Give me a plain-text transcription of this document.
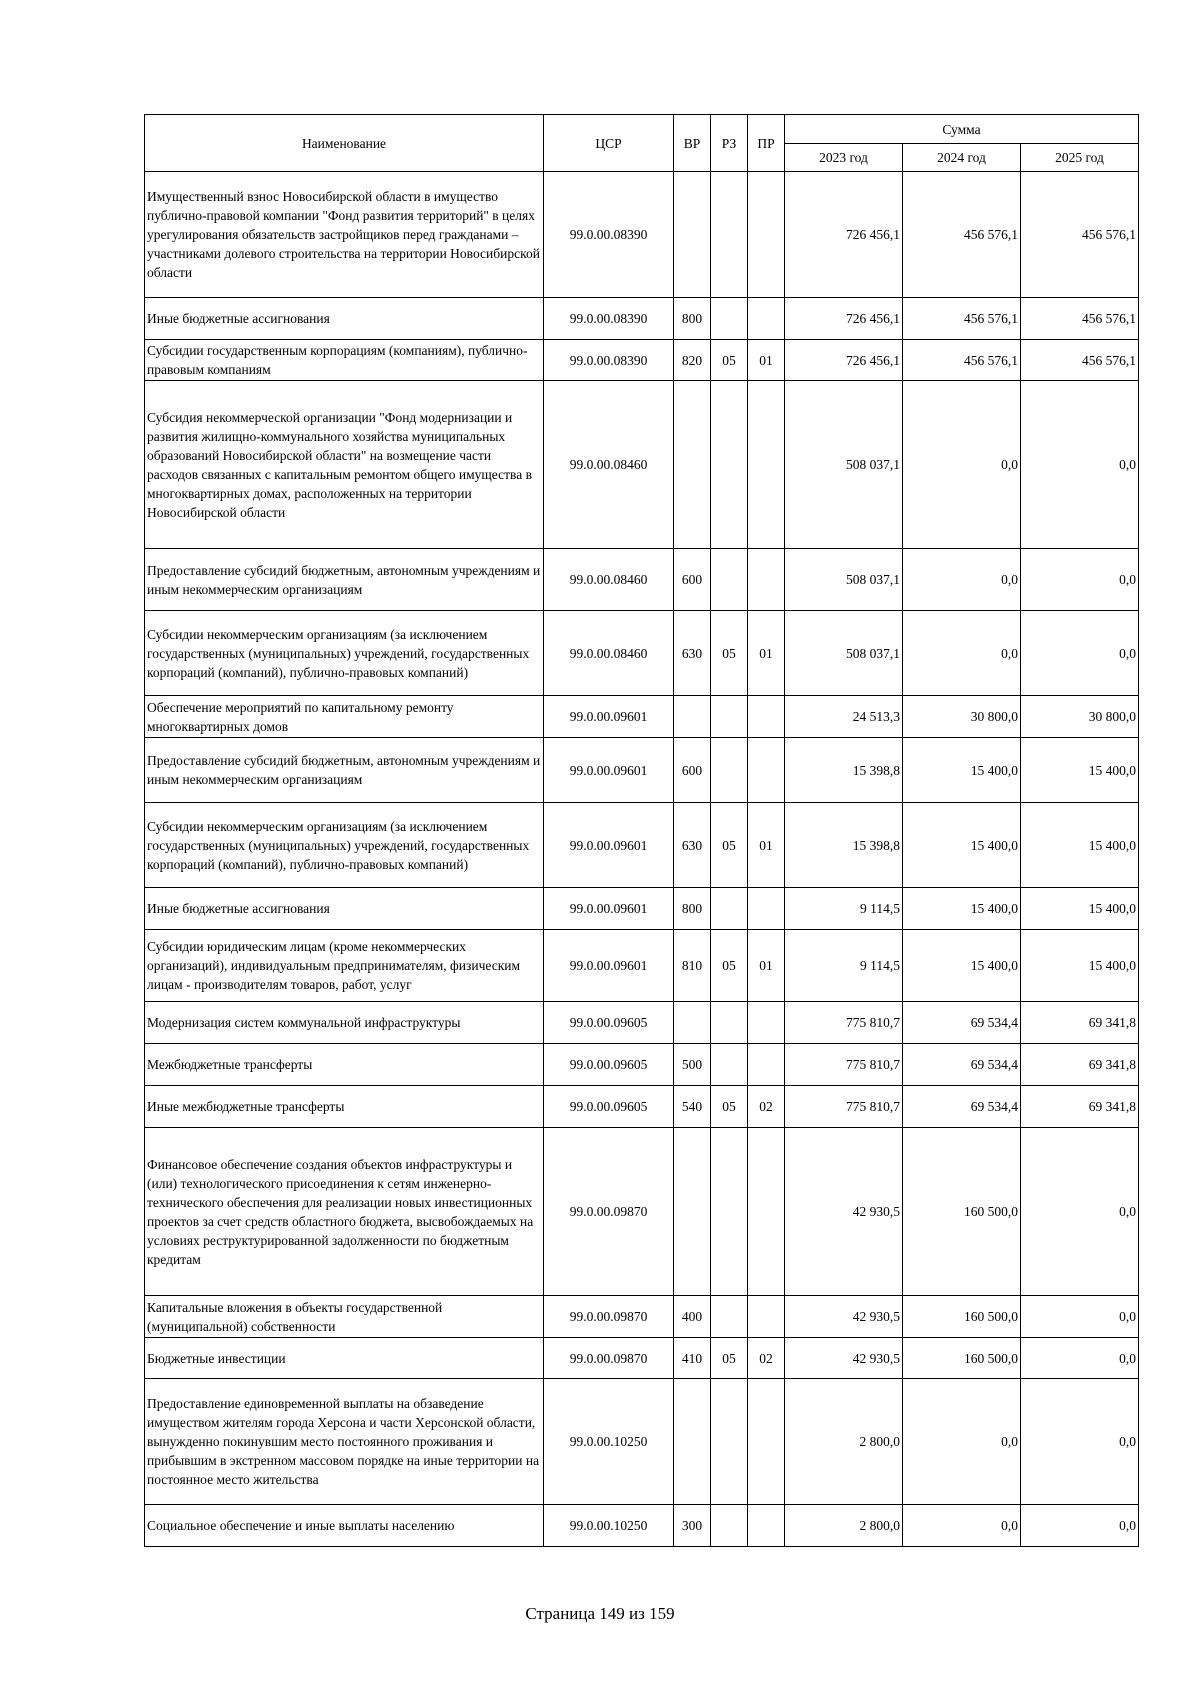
Наименование	ЦСР	ВР	РЗ	ПР	Сумма		
					2023 год	2024 год	2025 год
Имущественный взнос Новосибирской области в имущество публично-правовой компании "Фонд развития территорий" в целях урегулирования обязательств застройщиков перед гражданами – участниками долевого строительства на территории Новосибирской области	99.0.00.08390				726 456,1	456 576,1	456 576,1
Иные бюджетные ассигнования	99.0.00.08390	800			726 456,1	456 576,1	456 576,1
Субсидии государственным корпорациям (компаниям), публично-правовым компаниям	99.0.00.08390	820	05	01	726 456,1	456 576,1	456 576,1
Субсидия некоммерческой организации "Фонд модернизации и развития жилищно-коммунального хозяйства муниципальных образований Новосибирской области" на возмещение части расходов связанных с капитальным ремонтом общего имущества в многоквартирных домах, расположенных на территории Новосибирской области	99.0.00.08460				508 037,1	0,0	0,0
Предоставление субсидий бюджетным, автономным учреждениям и иным некоммерческим организациям	99.0.00.08460	600			508 037,1	0,0	0,0
Субсидии некоммерческим организациям (за исключением государственных (муниципальных) учреждений, государственных корпораций (компаний), публично-правовых компаний)	99.0.00.08460	630	05	01	508 037,1	0,0	0,0
Обеспечение мероприятий по капитальному ремонту многоквартирных домов	99.0.00.09601				24 513,3	30 800,0	30 800,0
Предоставление субсидий бюджетным, автономным учреждениям и иным некоммерческим организациям	99.0.00.09601	600			15 398,8	15 400,0	15 400,0
Субсидии некоммерческим организациям (за исключением государственных (муниципальных) учреждений, государственных корпораций (компаний), публично-правовых компаний)	99.0.00.09601	630	05	01	15 398,8	15 400,0	15 400,0
Иные бюджетные ассигнования	99.0.00.09601	800			9 114,5	15 400,0	15 400,0
Субсидии юридическим лицам (кроме некоммерческих организаций), индивидуальным предпринимателям, физическим лицам - производителям товаров, работ, услуг	99.0.00.09601	810	05	01	9 114,5	15 400,0	15 400,0
Модернизация систем коммунальной инфраструктуры	99.0.00.09605				775 810,7	69 534,4	69 341,8
Межбюджетные трансферты	99.0.00.09605	500			775 810,7	69 534,4	69 341,8
Иные межбюджетные трансферты	99.0.00.09605	540	05	02	775 810,7	69 534,4	69 341,8
Финансовое обеспечение создания объектов инфраструктуры и (или) технологического присоединения к сетям инженерно-технического обеспечения для реализации новых инвестиционных проектов за счет средств областного бюджета, высвобождаемых на условиях реструктурированной задолженности по бюджетным кредитам	99.0.00.09870				42 930,5	160 500,0	0,0
Капитальные вложения в объекты государственной (муниципальной) собственности	99.0.00.09870	400			42 930,5	160 500,0	0,0
Бюджетные инвестиции	99.0.00.09870	410	05	02	42 930,5	160 500,0	0,0
Предоставление единовременной выплаты на обзаведение имуществом жителям города Херсона и части Херсонской области, вынужденно покинувшим место постоянного проживания и прибывшим в экстренном массовом порядке на иные территории на постоянное место жительства	99.0.00.10250				2 800,0	0,0	0,0
Социальное обеспечение и иные выплаты населению	99.0.00.10250	300			2 800,0	0,0	0,0
Страница 149 из 159
